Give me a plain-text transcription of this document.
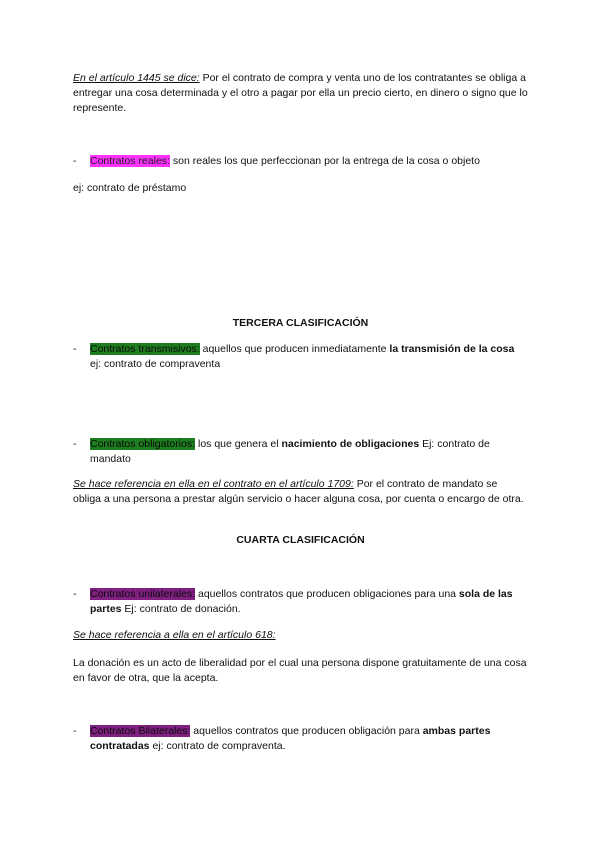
En el artículo 1445 se dice: Por el contrato de compra y venta uno de los contratantes se obliga a entregar una cosa determinada y el otro a pagar por ella un precio cierto, en dinero o signo que lo represente.
- Contratos reales: son reales los que perfeccionan por la entrega de la cosa o objeto
ej: contrato de préstamo
TERCERA CLASIFICACIÓN
- Contratos transmisivos: aquellos que producen inmediatamente la transmisión de la cosa ej: contrato de compraventa
- Contratos obligatorios: los que genera el nacimiento de obligaciones Ej: contrato de mandato
Se hace referencia en ella en el contrato en el artículo 1709: Por el contrato de mandato se obliga a una persona a prestar algún servicio o hacer alguna cosa, por cuenta o encargo de otra.
CUARTA CLASIFICACIÓN
- Contratos unilaterales: aquellos contratos que producen obligaciones para una sola de las partes Ej: contrato de donación.
Se hace referencia a ella en el artículo 618:
La donación es un acto de liberalidad por el cual una persona dispone gratuitamente de una cosa en favor de otra, que la acepta.
- Contratos Bilaterales: aquellos contratos que producen obligación para ambas partes contratadas ej: contrato de compraventa.
